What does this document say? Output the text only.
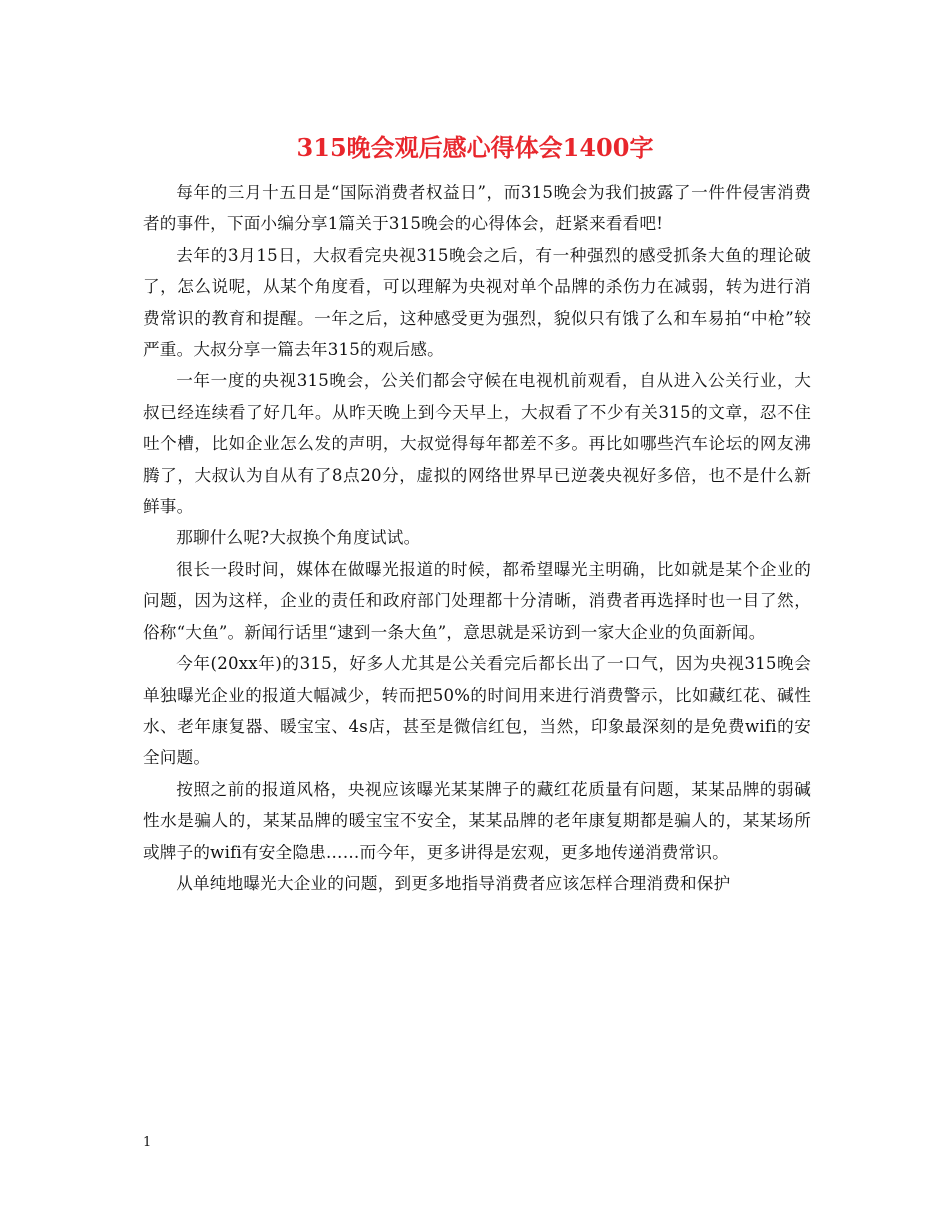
315晚会观后感心得体会1400字

每年的三月十五日是“国际消费者权益日”，而315晚会为我们披露了一件件侵害消费者的事件，下面小编分享1篇关于315晚会的心得体会，赶紧来看看吧!

去年的3月15日，大叔看完央视315晚会之后，有一种强烈的感受抓条大鱼的理论破了，怎么说呢，从某个角度看，可以理解为央视对单个品牌的杀伤力在减弱，转为进行消费常识的教育和提醒。一年之后，这种感受更为强烈，貌似只有饿了么和车易拍“中枪”较严重。大叔分享一篇去年315的观后感。

一年一度的央视315晚会，公关们都会守候在电视机前观看，自从进入公关行业，大叔已经连续看了好几年。从昨天晚上到今天早上，大叔看了不少有关315的文章，忍不住吐个槽，比如企业怎么发的声明，大叔觉得每年都差不多。再比如哪些汽车论坛的网友沸腾了，大叔认为自从有了8点20分，虚拟的网络世界早已逆袭央视好多倍，也不是什么新鲜事。

那聊什么呢?大叔换个角度试试。

很长一段时间，媒体在做曝光报道的时候，都希望曝光主明确，比如就是某个企业的问题，因为这样，企业的责任和政府部门处理都十分清晰，消费者再选择时也一目了然，俗称“大鱼”。新闻行话里“逮到一条大鱼”，意思就是采访到一家大企业的负面新闻。

今年(20xx年)的315，好多人尤其是公关看完后都长出了一口气，因为央视315晚会单独曝光企业的报道大幅减少，转而把50%的时间用来进行消费警示，比如藏红花、碱性水、老年康复器、暖宝宝、4s店，甚至是微信红包，当然，印象最深刻的是免费wifi的安全问题。

按照之前的报道风格，央视应该曝光某某牌子的藏红花质量有问题，某某品牌的弱碱性水是骗人的，某某品牌的暖宝宝不安全，某某品牌的老年康复期都是骗人的，某某场所或牌子的wifi有安全隐患……而今年，更多讲得是宏观，更多地传递消费常识。

从单纯地曝光大企业的问题，到更多地指导消费者应该怎样合理消费和保护

1
